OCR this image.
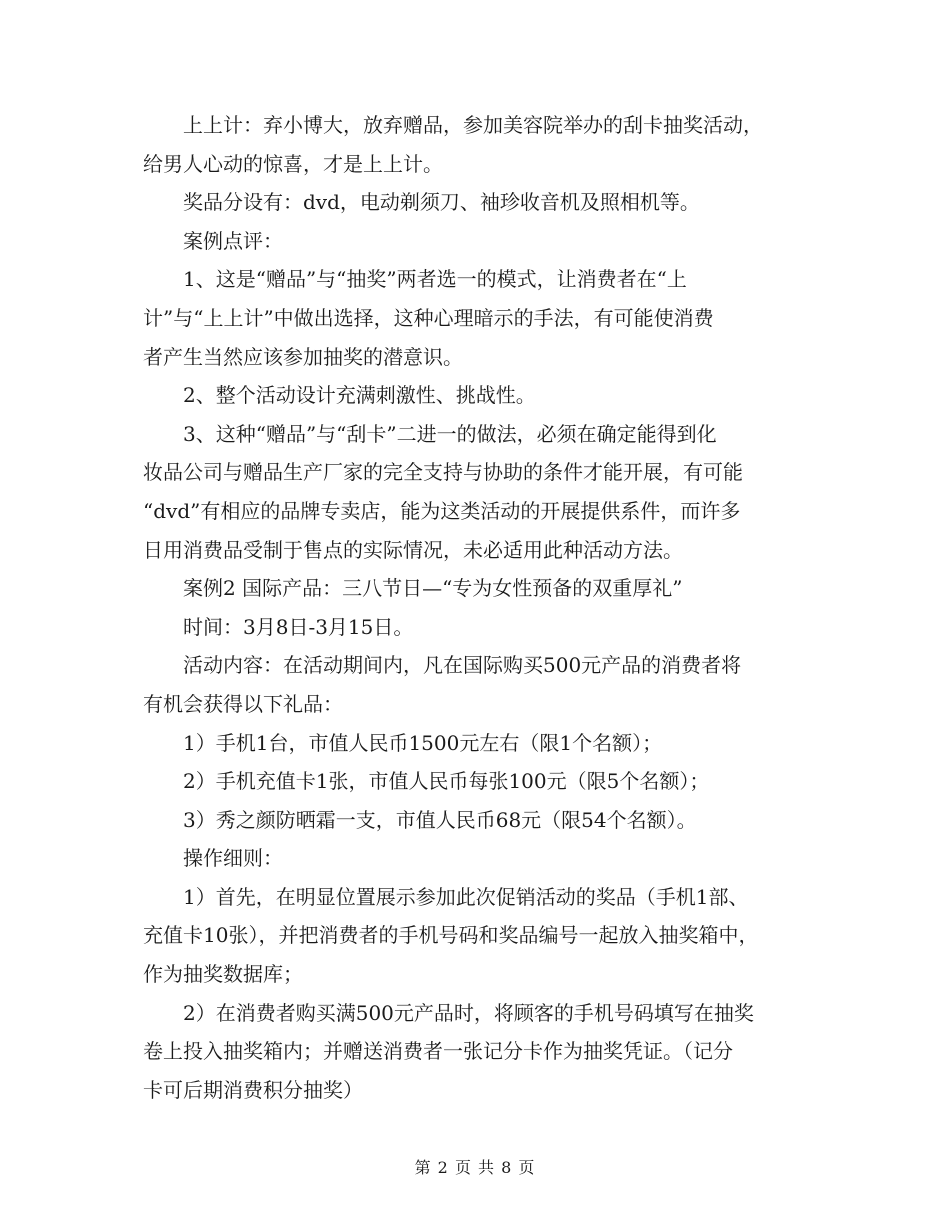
上上计：弃小博大，放弃赠品，参加美容院举办的刮卡抽奖活动，
给男人心动的惊喜，才是上上计。

奖品分设有：dvd，电动剃须刀、袖珍收音机及照相机等。

案例点评：

1、这是“赠品”与“抽奖”两者选一的模式，让消费者在“上
计”与“上上计”中做出选择，这种心理暗示的手法，有可能使消费
者产生当然应该参加抽奖的潜意识。

2、整个活动设计充满刺激性、挑战性。

3、这种“赠品”与“刮卡”二进一的做法，必须在确定能得到化
妆品公司与赠品生产厂家的完全支持与协助的条件才能开展，有可能
“dvd”有相应的品牌专卖店，能为这类活动的开展提供系件，而许多
日用消费品受制于售点的实际情况，未必适用此种活动方法。

案例2 国际产品：三八节日—“专为女性预备的双重厚礼”

时间：3月8日-3月15日。

活动内容：在活动期间内，凡在国际购买500元产品的消费者将
有机会获得以下礼品：

1）手机1台，市值人民币1500元左右（限1个名额）；

2）手机充值卡1张，市值人民币每张100元（限5个名额）；

3）秀之颜防晒霜一支，市值人民币68元（限54个名额）。

操作细则：

1）首先，在明显位置展示参加此次促销活动的奖品（手机1部、
充值卡10张），并把消费者的手机号码和奖品编号一起放入抽奖箱中，
作为抽奖数据库；

2）在消费者购买满500元产品时，将顾客的手机号码填写在抽奖
卷上投入抽奖箱内；并赠送消费者一张记分卡作为抽奖凭证。（记分
卡可后期消费积分抽奖）

第 2 页 共 8 页
